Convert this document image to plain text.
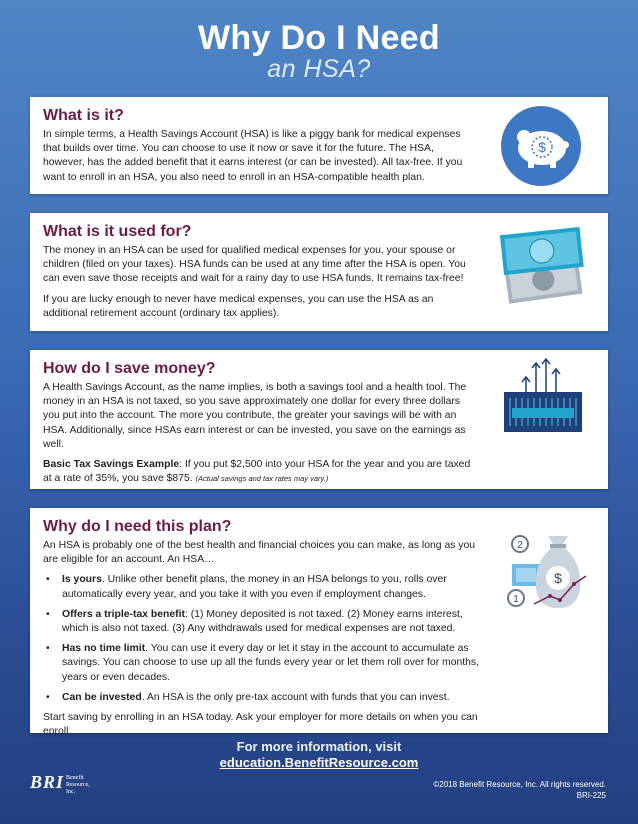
Why Do I Need
an HSA?
What is it?

In simple terms, a Health Savings Account (HSA) is like a piggy bank for medical expenses that builds over time. You can choose to use it now or save it for the future. The HSA, however, has the added benefit that it earns interest (or can be invested). All tax-free. If you want to enroll in an HSA, you also need to enroll in an HSA-compatible health plan.

$
What is it used for?

The money in an HSA can be used for qualified medical expenses for you, your spouse or children (filed on your taxes). HSA funds can be used at any time after the HSA is open. You can even save those receipts and wait for a rainy day to use HSA funds. It remains tax-free!

If you are lucky enough to never have medical expenses, you can use the HSA as an additional retirement account (ordinary tax applies).

How do I save money?

A Health Savings Account, as the name implies, is both a savings tool and a health tool. The money in an HSA is not taxed, so you save approximately one dollar for every three dollars you put into the account. The more you contribute, the greater your savings will be with an HSA. Additionally, since HSAs earn interest or can be invested, you save on the earnings as well.

Basic Tax Savings Example: If you put $2,500 into your HSA for the year and you are taxed at a rate of 35%, you save $875. (Actual savings and tax rates may vary.)

Why do I need this plan?

An HSA is probably one of the best health and financial choices you can make, as long as you are eligible for an account. An HSA…

• Is yours. Unlike other benefit plans, the money in an HSA belongs to you, rolls over automatically every year, and you take it with you even if employment changes.
• Offers a triple-tax benefit: (1) Money deposited is not taxed. (2) Money earns interest, which is also not taxed. (3) Any withdrawals used for medical expenses are not taxed.
• Has no time limit. You can use it every day or let it stay in the account to accumulate as savings. You can choose to use up all the funds every year or let them roll over for months, years or even decades.
• Can be invested. An HSA is the only pre-tax account with funds that you can invest.

Start saving by enrolling in an HSA today. Ask your employer for more details on when you can enroll.

$
2
1
For more information, visit
education.BenefitResource.com
BRI Benefit
Resource,
Inc.
©2018 Benefit Resource, Inc. All rights reserved.
BRI-225
